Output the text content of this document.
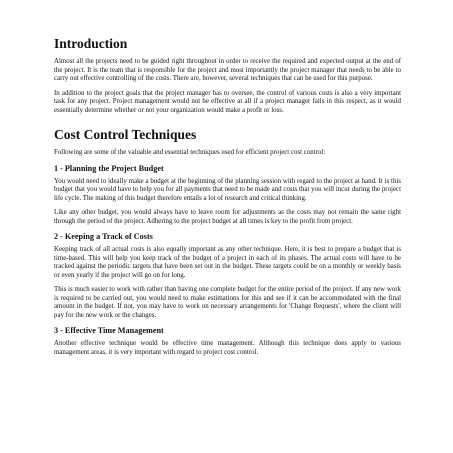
Introduction

Almost all the projects need to be guided right throughout in order to receive the required and expected output at the end of the project. It is the team that is responsible for the project and most importantly the project manager that needs to be able to carry out effective controlling of the costs. There are, however, several techniques that can be used for this purpose.

In addition to the project goals that the project manager has to oversee, the control of various costs is also a very important task for any project. Project management would not be effective at all if a project manager fails in this respect, as it would essentially determine whether or not your organization would make a profit or loss.

Cost Control Techniques

Following are some of the valuable and essential techniques used for efficient project cost control:

1 - Planning the Project Budget

You would need to ideally make a budget at the beginning of the planning session with regard to the project at hand. It is this budget that you would have to help you for all payments that need to be made and costs that you will incur during the project life cycle. The making of this budget therefore entails a lot of research and critical thinking.

Like any other budget, you would always have to leave room for adjustments as the costs may not remain the same right through the period of the project. Adhering to the project budget at all times is key to the profit from project.

2 - Keeping a Track of Costs

Keeping track of all actual costs is also equally important as any other technique. Here, it is best to prepare a budget that is time-based. This will help you keep track of the budget of a project in each of its phases. The actual costs will have to be tracked against the periodic targets that have been set out in the budget. These targets could be on a monthly or weekly basis or even yearly if the project will go on for long.

This is much easier to work with rather than having one complete budget for the entire period of the project. If any new work is required to be carried out, you would need to make estimations for this and see if it can be accommodated with the final amount in the budget. If not, you may have to work on necessary arrangements for 'Change Requests', where the client will pay for the new work or the changes.

3 - Effective Time Management

Another effective technique would be effective time management. Although this technique does apply to various management areas, it is very important with regard to project cost control.
